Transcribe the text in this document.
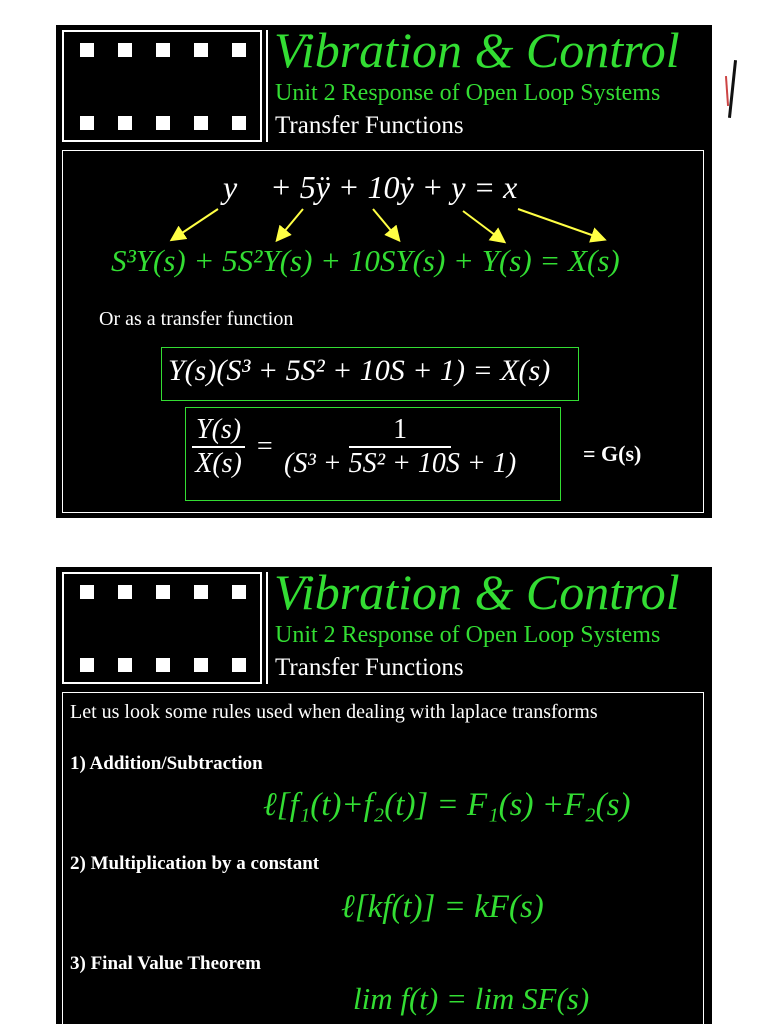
Vibration & Control
Unit 2 Response of Open Loop Systems
Transfer Functions
y⃛ + 5ÿ + 10ẏ + y = x
S³Y(s) + 5S²Y(s) + 10SY(s) + Y(s) = X(s)
Or as a transfer function
Y(s)(S³ + 5S² + 10S + 1) = X(s)
$\frac{Y(s)}{X(s)} = \frac{1}{\text{(S³ + 5S² + 10S + 1)}}$	= G(s)
Vibration & Control
Unit 2 Response of Open Loop Systems
Transfer Functions
Let us look some rules used when dealing with laplace transforms
1) Addition/Subtraction
ℓ[f₁(t)+f₂(t)] = F₁(s) +F₂(s)
2) Multiplication by a constant
ℓ[kf(t)] = kF(s)
3) Final Value Theorem
lim f(t) = lim SF(s)
